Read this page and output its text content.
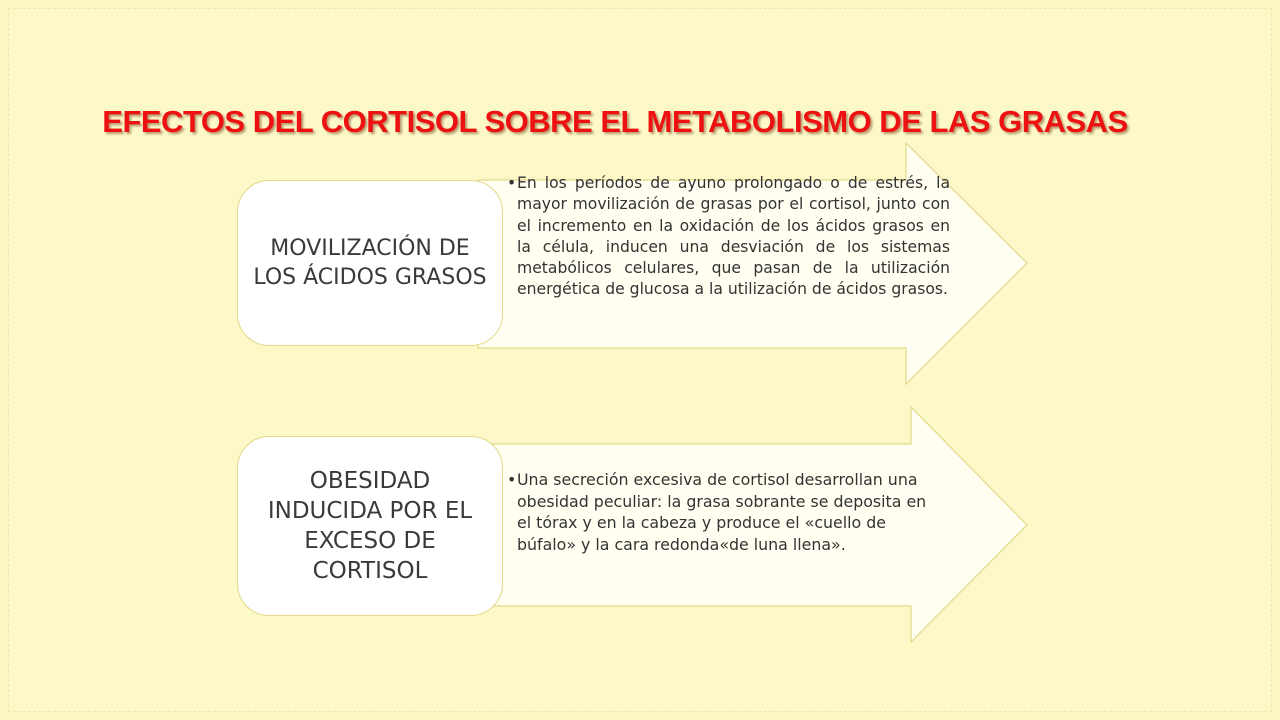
EFECTOS DEL CORTISOL SOBRE EL METABOLISMO DE LAS GRASAS
MOVILIZACIÓN DE LOS ÁCIDOS GRASOS
•En los períodos de ayuno prolongado o de estrés, la mayor movilización de grasas por el cortisol, junto con el incremento en la oxidación de los ácidos grasos en la célula, inducen una desviación de los sistemas metabólicos celulares, que pasan de la utilización energética de glucosa a la utilización de ácidos grasos.
OBESIDAD INDUCIDA POR EL EXCESO DE CORTISOL
•Una secreción excesiva de cortisol desarrollan una obesidad peculiar: la grasa sobrante se deposita en el tórax y en la cabeza y produce el «cuello de búfalo» y la cara redonda«de luna llena».
